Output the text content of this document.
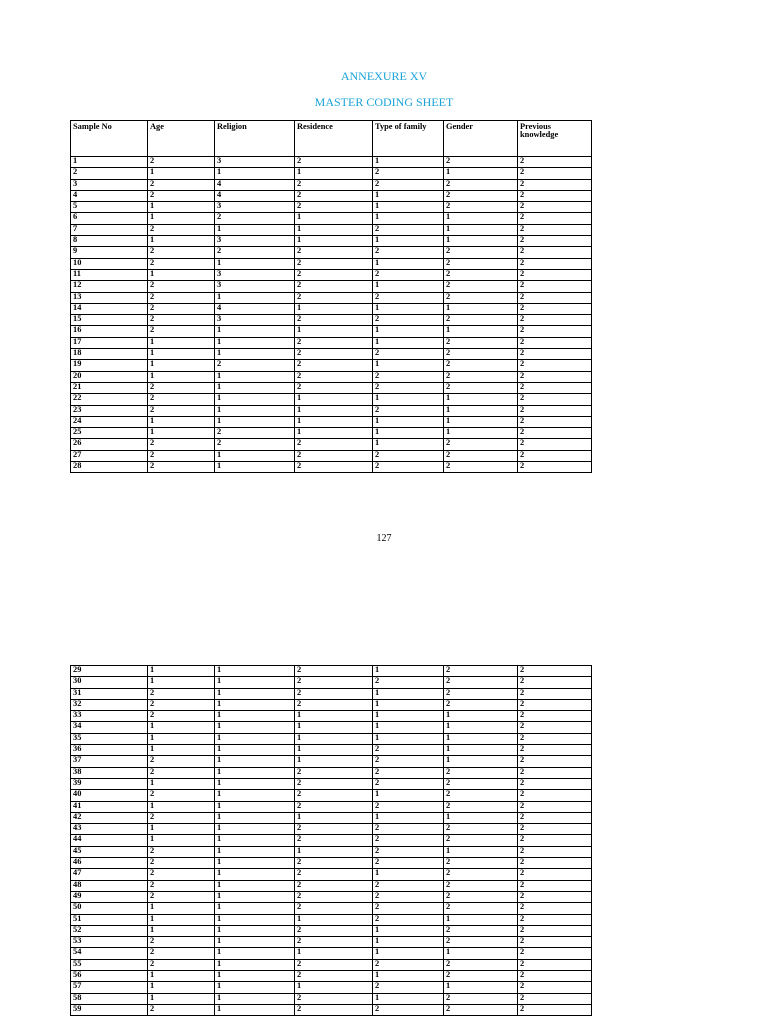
ANNEXURE XV
MASTER CODING SHEET
Sample No	Age	Religion	Residence	Type of family	Gender	Previous knowledge
1	2	3	2	1	2	2
2	1	1	1	2	1	2
3	2	4	2	2	2	2
4	2	4	2	1	2	2
5	1	3	2	1	2	2
6	1	2	1	1	1	2
7	2	1	1	2	1	2
8	1	3	1	1	1	2
9	2	2	2	2	2	2
10	2	1	2	1	2	2
11	1	3	2	2	2	2
12	2	3	2	1	2	2
13	2	1	2	2	2	2
14	2	4	1	1	1	2
15	2	3	2	2	2	2
16	2	1	1	1	1	2
17	1	1	2	1	2	2
18	1	1	2	2	2	2
19	1	2	2	1	2	2
20	1	1	2	2	2	2
21	2	1	2	2	2	2
22	2	1	1	1	1	2
23	2	1	1	2	1	2
24	1	1	1	1	1	2
25	1	2	1	1	1	2
26	2	2	2	1	2	2
27	2	1	2	2	2	2
28	2	1	2	2	2	2
127
29	1	1	2	1	2	2
30	1	1	2	2	2	2
31	2	1	2	1	2	2
32	2	1	2	1	2	2
33	2	1	1	1	1	2
34	1	1	1	1	1	2
35	1	1	1	1	1	2
36	1	1	1	2	1	2
37	2	1	1	2	1	2
38	2	1	2	2	2	2
39	1	1	2	2	2	2
40	2	1	2	1	2	2
41	1	1	2	2	2	2
42	2	1	1	1	1	2
43	1	1	2	2	2	2
44	1	1	2	2	2	2
45	2	1	1	2	1	2
46	2	1	2	2	2	2
47	2	1	2	1	2	2
48	2	1	2	2	2	2
49	2	1	2	2	2	2
50	1	1	2	2	2	2
51	1	1	1	2	1	2
52	1	1	2	1	2	2
53	2	1	2	1	2	2
54	2	1	1	1	1	2
55	2	1	2	2	2	2
56	1	1	2	1	2	2
57	1	1	1	2	1	2
58	1	1	2	1	2	2
59	2	1	2	2	2	2
